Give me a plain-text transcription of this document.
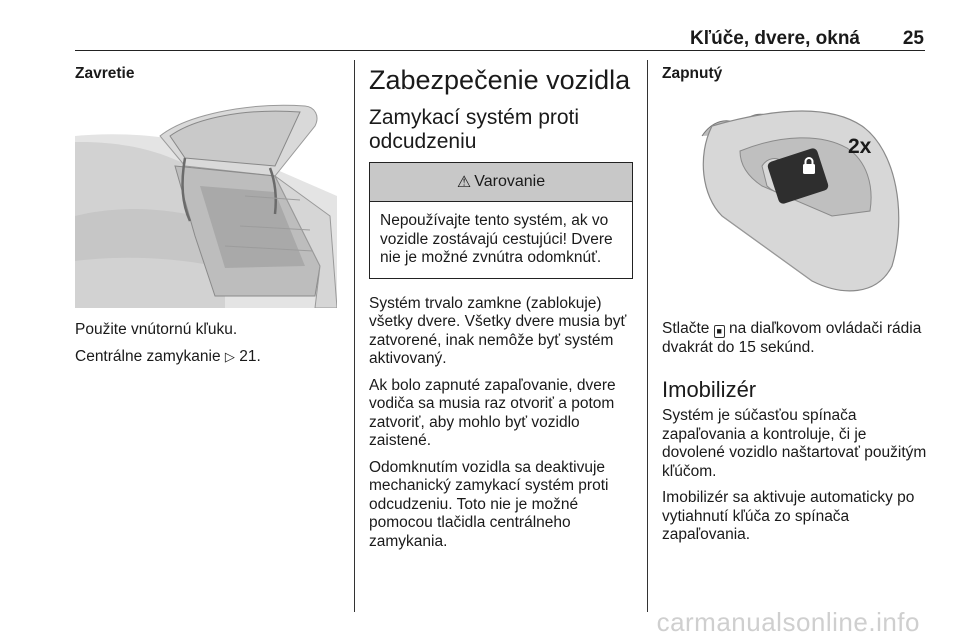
Kľúče, dvere, okná 25
Zavretie

Použite vnútornú kľuku.

Centrálne zamykanie ▷ 21.

Zabezpečenie vozidla
Zamykací systém proti odcudzeniu
⚠ Varovanie
Nepoužívajte tento systém, ak vo vozidle zostávajú cestujúci! Dvere nie je možné zvnútra odomknúť.

Systém trvalo zamkne (zablokuje) všetky dvere. Všetky dvere musia byť zatvorené, inak nemôže byť systém aktivovaný.

Ak bolo zapnuté zapaľovanie, dvere vodiča sa musia raz otvoriť a potom zatvoriť, aby mohlo byť vozidlo zaistené.

Odomknutím vozidla sa deaktivuje mechanický zamykací systém proti odcudzeniu. Toto nie je možné pomocou tlačidla centrálneho zamykania.

Zapnutý
2x

Stlačte ■ na diaľkovom ovládači rádia dvakrát do 15 sekúnd.

Imobilizér

Systém je súčasťou spínača zapaľovania a kontroluje, či je dovolené vozidlo naštartovať použitým kľúčom.

Imobilizér sa aktivuje automaticky po vytiahnutí kľúča zo spínača zapaľovania.

carmanualsonline.info
